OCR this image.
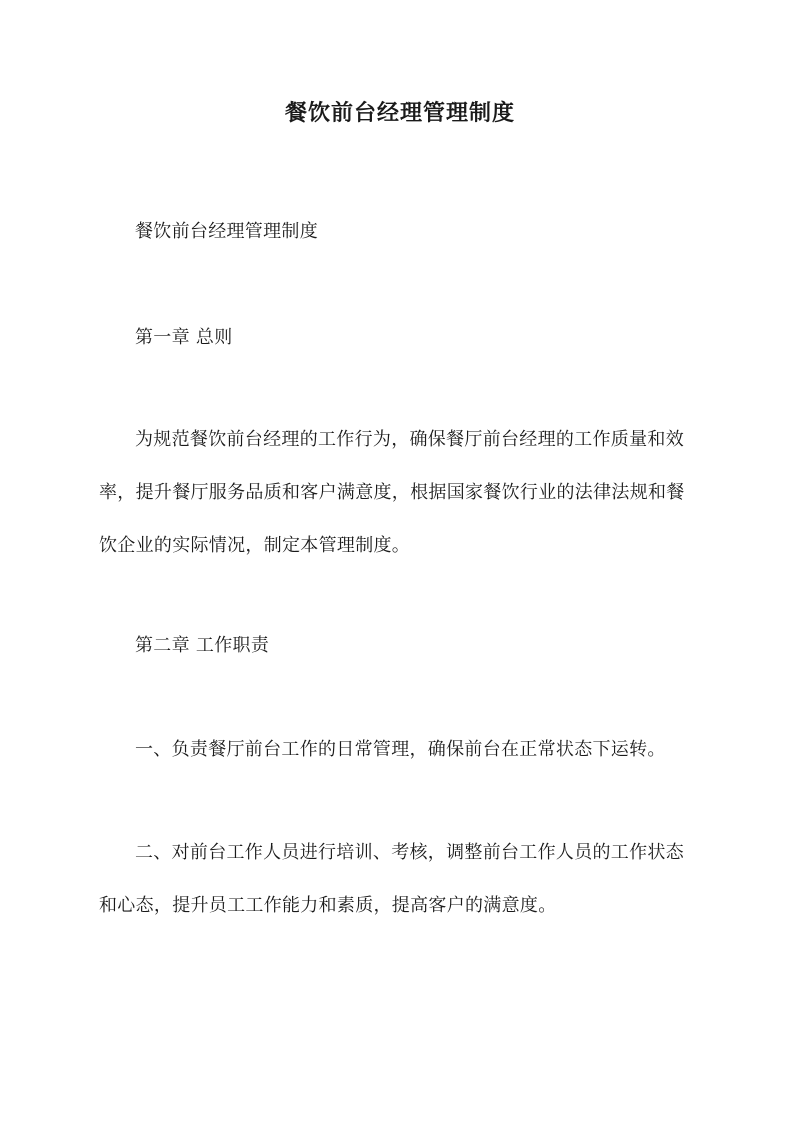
餐饮前台经理管理制度

餐饮前台经理管理制度

第一章 总则

为规范餐饮前台经理的工作行为，确保餐厅前台经理的工作质量和效率，提升餐厅服务品质和客户满意度，根据国家餐饮行业的法律法规和餐饮企业的实际情况，制定本管理制度。

第二章 工作职责

一、负责餐厅前台工作的日常管理，确保前台在正常状态下运转。

二、对前台工作人员进行培训、考核，调整前台工作人员的工作状态和心态，提升员工工作能力和素质，提高客户的满意度。
